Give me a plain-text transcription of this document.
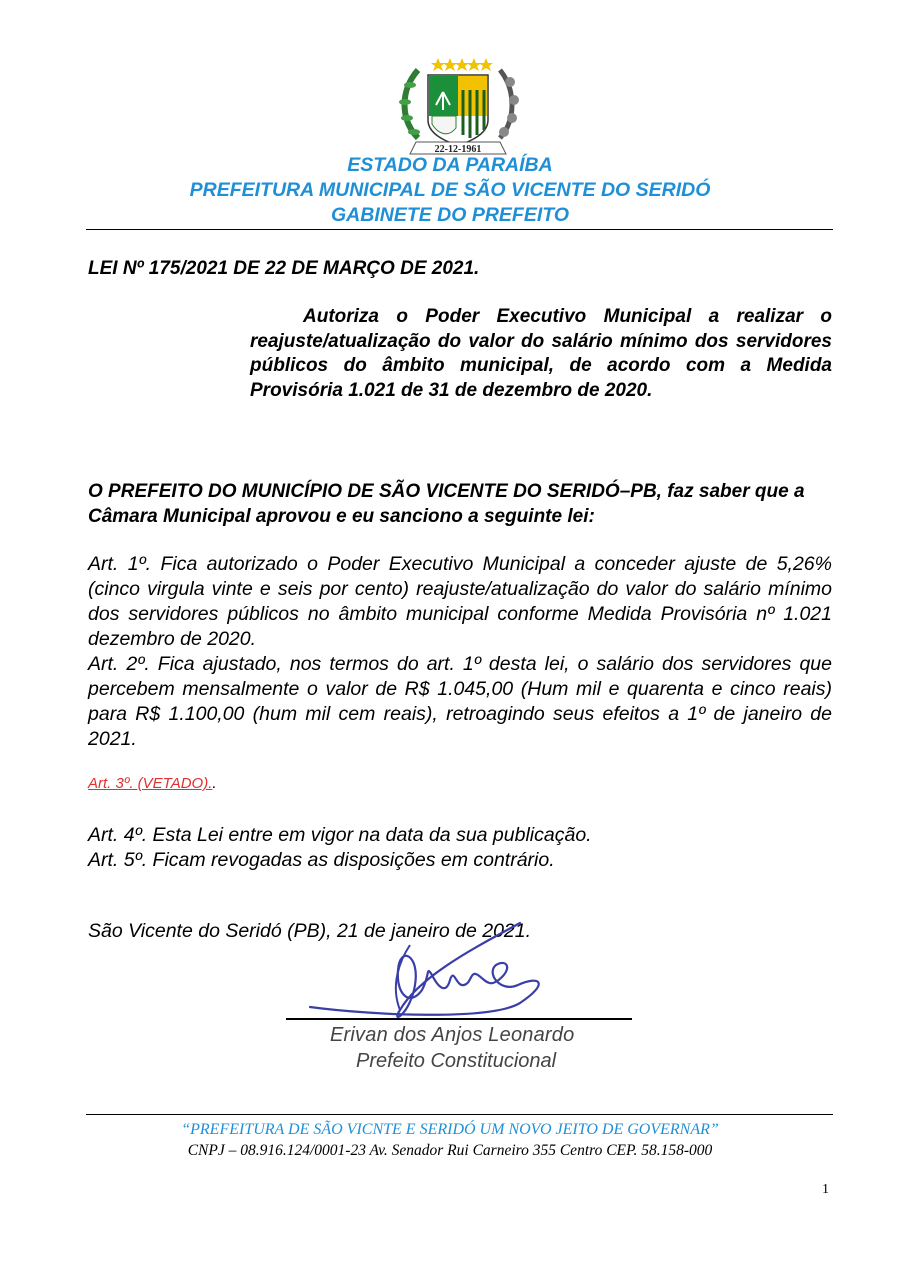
22-12-1961
ESTADO DA PARAÍBA
PREFEITURA MUNICIPAL DE SÃO VICENTE DO SERIDÓ
GABINETE DO PREFEITO
LEI Nº 175/2021 DE 22 DE MARÇO DE 2021.

Autoriza o Poder Executivo Municipal a realizar o reajuste/atualização do valor do salário mínimo dos servidores públicos do âmbito municipal, de acordo com a Medida Provisória 1.021 de 31 de dezembro de 2020.

O PREFEITO DO MUNICÍPIO DE SÃO VICENTE DO SERIDÓ–PB, faz saber que a Câmara Municipal aprovou e eu sanciono a seguinte lei:

Art. 1º. Fica autorizado o Poder Executivo Municipal a conceder ajuste de 5,26% (cinco virgula vinte e seis por cento) reajuste/atualização do valor do salário mínimo dos servidores públicos no âmbito municipal conforme Medida Provisória nº 1.021 dezembro de 2020.

Art. 2º. Fica ajustado, nos termos do art. 1º desta lei, o salário dos servidores que percebem mensalmente o valor de R$ 1.045,00 (Hum mil e quarenta e cinco reais) para R$ 1.100,00 (hum mil cem reais), retroagindo seus efeitos a 1º de janeiro de 2021.

Art. 3º. (VETADO)..

Art. 4º. Esta Lei entre em vigor na data da sua publicação.

Art. 5º. Ficam revogadas as disposições em contrário.

São Vicente do Seridó (PB), 21 de janeiro de 2021.
Erivan dos Anjos Leonardo
Prefeito Constitucional
“PREFEITURA DE SÃO VICNTE E SERIDÓ UM NOVO JEITO DE GOVERNAR”
CNPJ – 08.916.124/0001-23 Av. Senador Rui Carneiro 355 Centro CEP. 58.158-000
1
